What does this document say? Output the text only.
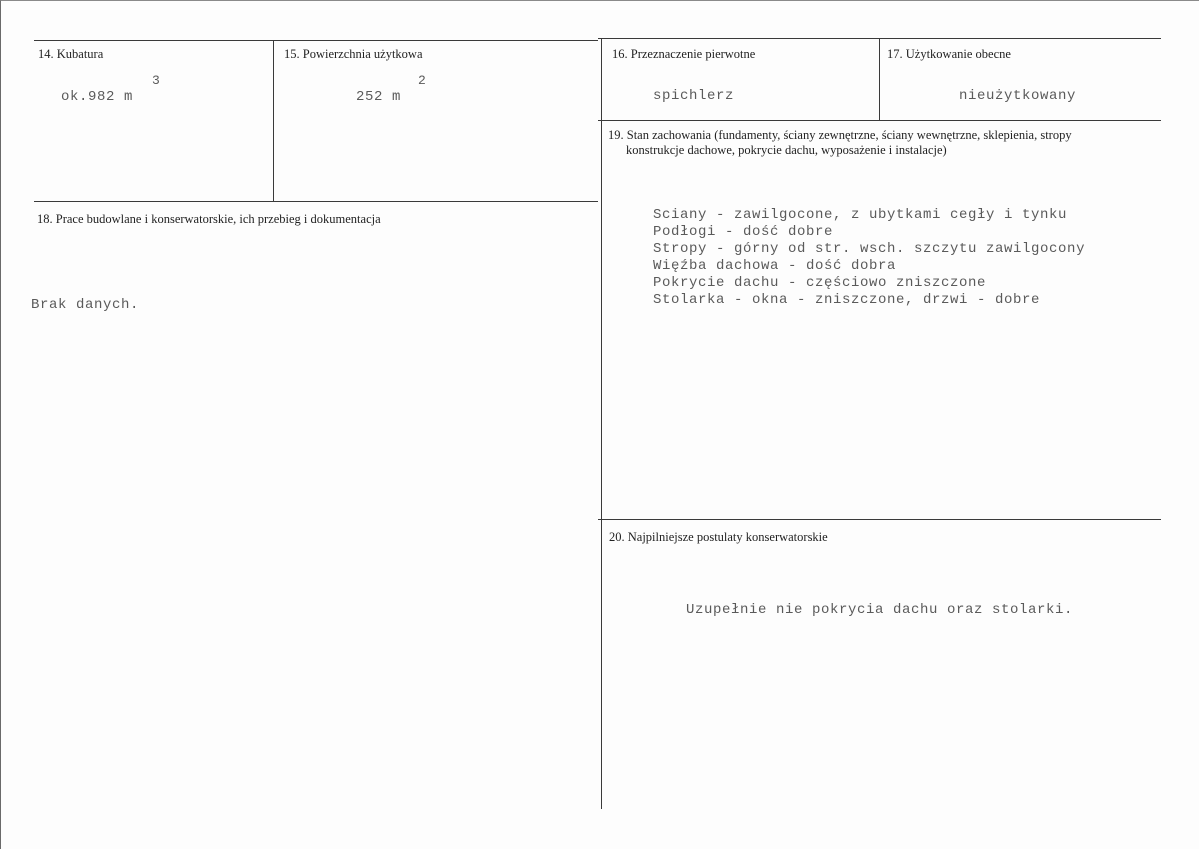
14. Kubatura
3
ok.982 m
15. Powierzchnia użytkowa
2
252 m
16. Przeznaczenie pierwotne
spichlerz
17. Użytkowanie obecne
nieużytkowany
18. Prace budowlane i konserwatorskie, ich przebieg i dokumentacja
Brak danych.
19. Stan zachowania (fundamenty, ściany zewnętrzne, ściany wewnętrzne, sklepienia, stropy
konstrukcje dachowe, pokrycie dachu, wyposażenie i instalacje)
Sciany - zawilgocone, z ubytkami cegły i tynku
Podłogi - dość dobre
Stropy - górny od str. wsch. szczytu zawilgocony
Więźba dachowa - dość dobra
Pokrycie dachu - częściowo zniszczone
Stolarka - okna - zniszczone, drzwi - dobre
20. Najpilniejsze postulaty konserwatorskie
Uzupełnie nie pokrycia dachu oraz stolarki.
